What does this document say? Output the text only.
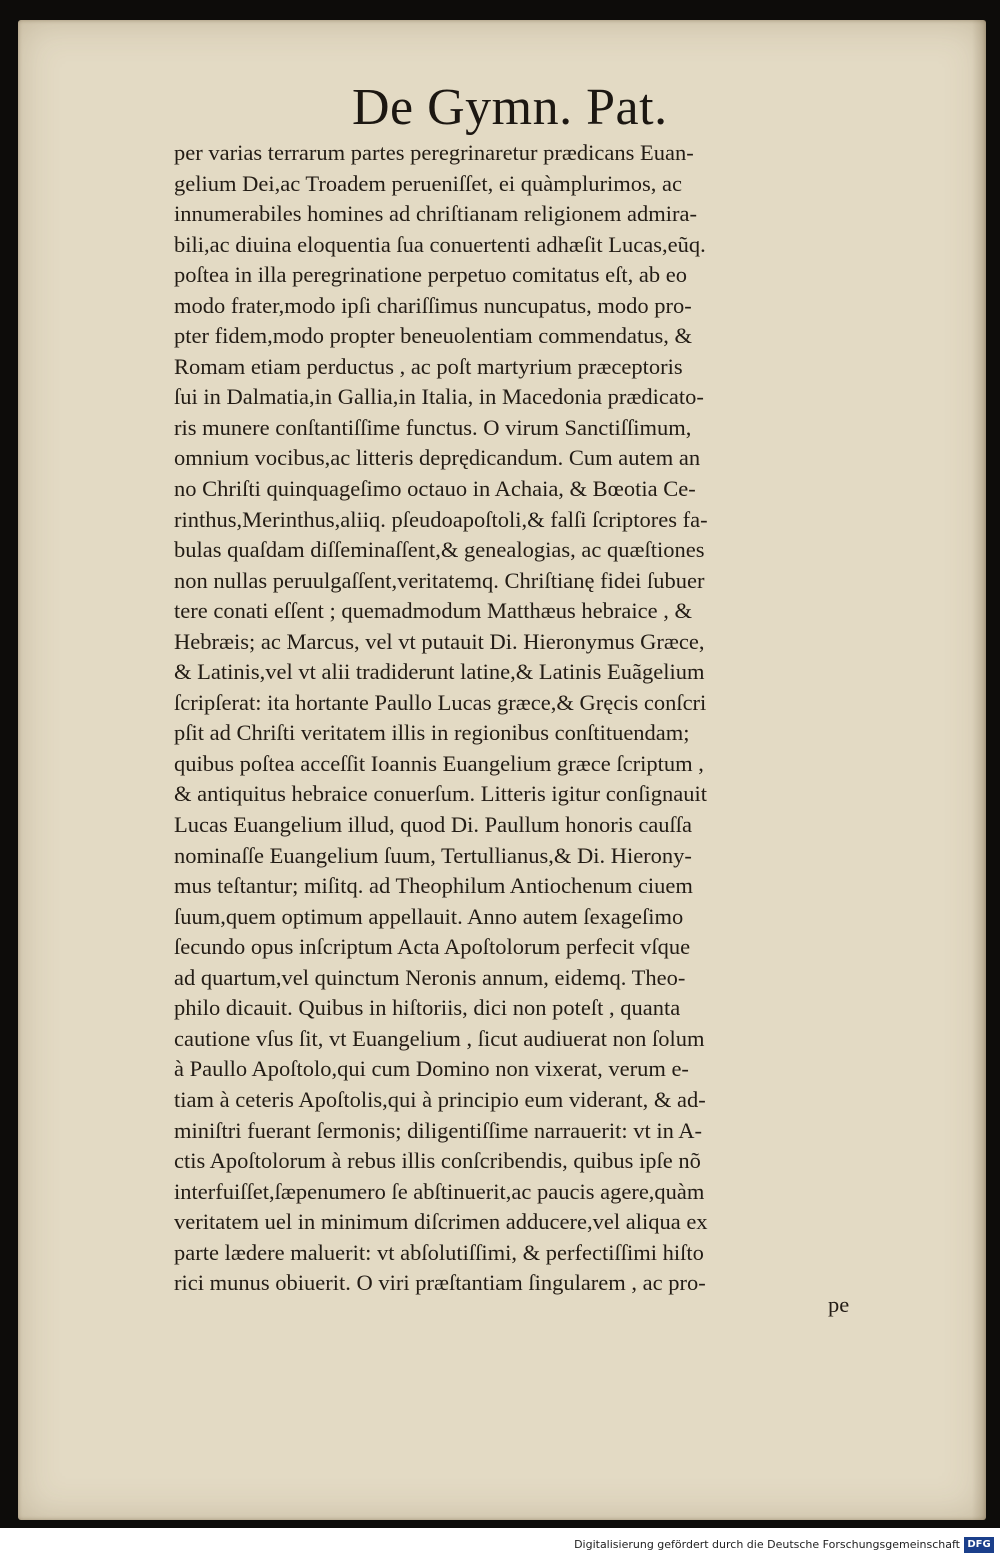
De Gymn. Pat.
per varias terrarum partes peregrinaretur prædicans Euan-
gelium Dei,ac Troadem perueniſſet, ei quàmplurimos, ac
innumerabiles homines ad chriſtianam religionem admira-
bili,ac diuina eloquentia ſua conuertenti adhæſit Lucas,eũq.
poſtea in illa peregrinatione perpetuo comitatus eſt, ab eo
modo frater,modo ipſi chariſſimus nuncupatus, modo pro-
pter fidem,modo propter beneuolentiam commendatus, &
Romam etiam perductus , ac poſt martyrium præceptoris
ſui in Dalmatia,in Gallia,in Italia, in Macedonia prædicato-
ris munere conſtantiſſime functus. O virum Sanctiſſimum,
omnium vocibus,ac litteris deprędicandum. Cum autem an
no Chriſti quinquageſimo octauo in Achaia, & Bœotia Ce-
rinthus,Merinthus,aliiq. pſeudoapoſtoli,& falſi ſcriptores fa-
bulas quaſdam diſſeminaſſent,& genealogias, ac quæſtiones
non nullas peruulgaſſent,veritatemq. Chriſtianę fidei ſubuer
tere conati eſſent ; quemadmodum Matthæus hebraice , &
Hebræis; ac Marcus, vel vt putauit Di. Hieronymus Græce,
& Latinis,vel vt alii tradiderunt latine,& Latinis Euãgelium
ſcripſerat: ita hortante Paullo Lucas græce,& Gręcis conſcri
pſit ad Chriſti veritatem illis in regionibus conſtituendam;
quibus poſtea acceſſit Ioannis Euangelium græce ſcriptum ,
& antiquitus hebraice conuerſum. Litteris igitur conſignauit
Lucas Euangelium illud, quod Di. Paullum honoris cauſſa
nominaſſe Euangelium ſuum, Tertullianus,& Di. Hierony-
mus teſtantur; miſitq. ad Theophilum Antiochenum ciuem
ſuum,quem optimum appellauit. Anno autem ſexageſimo
ſecundo opus inſcriptum Acta Apoſtolorum perfecit vſque
ad quartum,vel quinctum Neronis annum, eidemq. Theo-
philo dicauit. Quibus in hiſtoriis, dici non poteſt , quanta
cautione vſus ſit, vt Euangelium , ſicut audiuerat non ſolum
à Paullo Apoſtolo,qui cum Domino non vixerat, verum e-
tiam à ceteris Apoſtolis,qui à principio eum viderant, & ad-
miniſtri fuerant ſermonis; diligentiſſime narrauerit: vt in A-
ctis Apoſtolorum à rebus illis conſcribendis, quibus ipſe nõ
interfuiſſet,ſæpenumero ſe abſtinuerit,ac paucis agere,quàm
veritatem uel in minimum diſcrimen adducere,vel aliqua ex
parte lædere maluerit: vt abſolutiſſimi, & perfectiſſimi hiſto
rici munus obiuerit. O viri præſtantiam ſingularem , ac pro-
pe
Digitalisierung gefördert durch die Deutsche Forschungsgemeinschaft DFG
